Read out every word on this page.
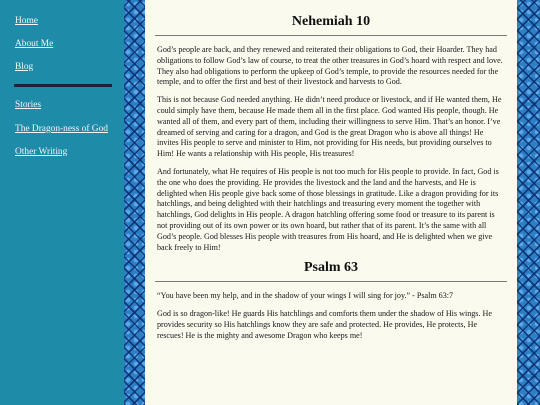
Home
About Me
Blog
Stories
The Dragon-ness of God
Other Writing
Nehemiah 10

God’s people are back, and they renewed and reiterated their obligations to God, their Hoarder. They had obligations to follow God’s law of course, to treat the other treasures in God’s hoard with respect and love. They also had obligations to perform the upkeep of God’s temple, to provide the resources needed for the temple, and to offer the first and best of their livestock and harvests to God.

This is not because God needed anything. He didn’t need produce or livestock, and if He wanted them, He could simply have them, because He made them all in the first place. God wanted His people, though. He wanted all of them, and every part of them, including their willingness to serve Him. That’s an honor. I’ve dreamed of serving and caring for a dragon, and God is the great Dragon who is above all things! He invites His people to serve and minister to Him, not providing for His needs, but providing ourselves to Him! He wants a relationship with His people, His treasures!

And fortunately, what He requires of His people is not too much for His people to provide. In fact, God is the one who does the providing. He provides the livestock and the land and the harvests, and He is delighted when His people give back some of those blessings in gratitude. Like a dragon providing for its hatchlings, and being delighted with their hatchlings and treasuring every moment the together with hatchlings, God delights in His people. A dragon hatchling offering some food or treasure to its parent is not providing out of its own power or its own hoard, but rather that of its parent. It’s the same with all God’s people. God blesses His people with treasures from His hoard, and He is delighted when we give back freely to Him!

Psalm 63

“You have been my help, and in the shadow of your wings I will sing for joy.” - Psalm 63:7

God is so dragon-like! He guards His hatchlings and comforts them under the shadow of His wings. He provides security so His hatchlings know they are safe and protected. He provides, He protects, He rescues! He is the mighty and awesome Dragon who keeps me!
